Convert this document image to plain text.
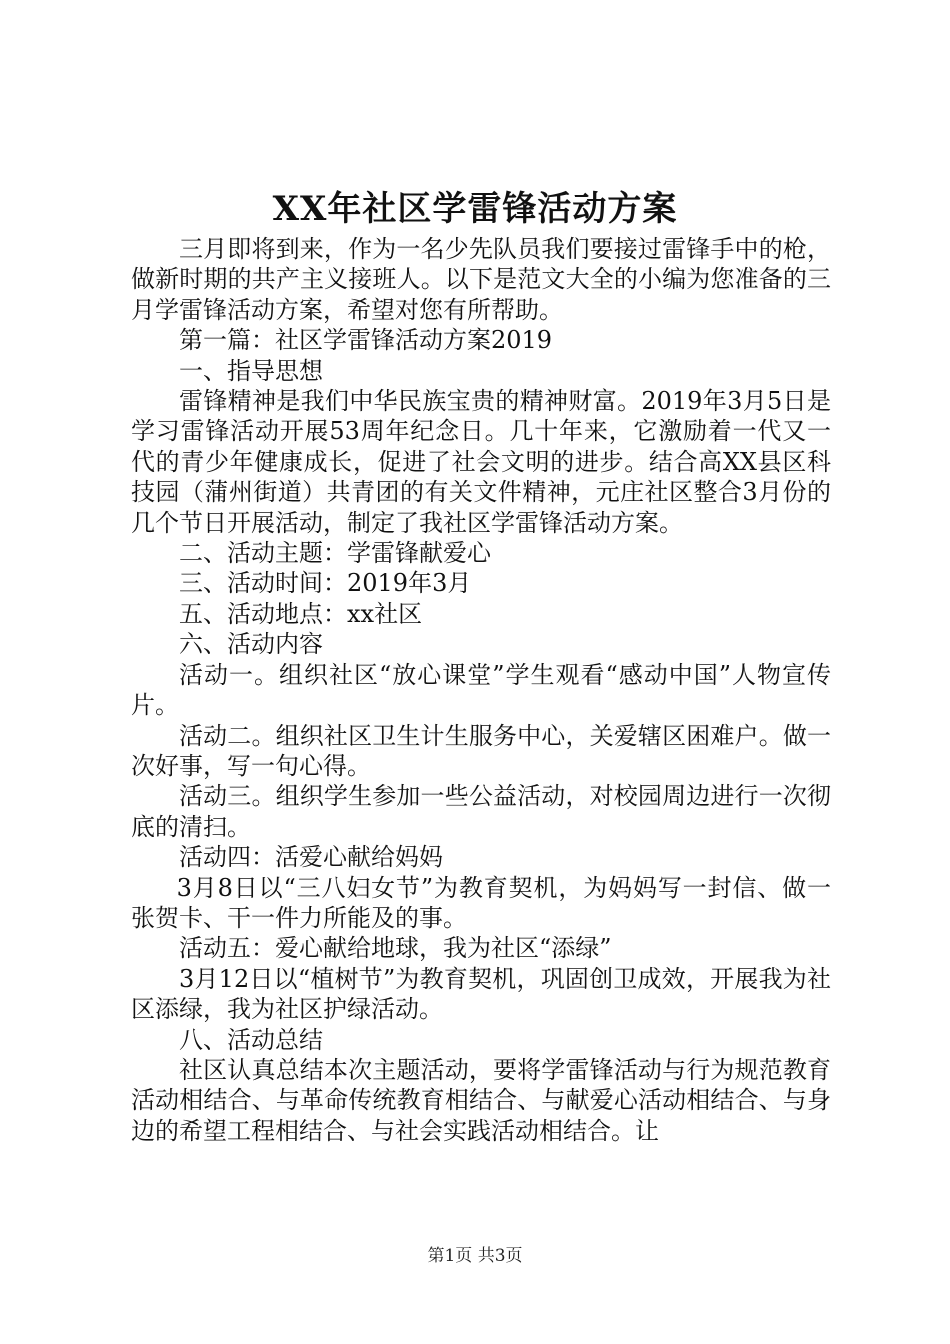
XX年社区学雷锋活动方案

三月即将到来，作为一名少先队员我们要接过雷锋手中的枪，做新时期的共产主义接班人。以下是范文大全的小编为您准备的三月学雷锋活动方案，希望对您有所帮助。

第一篇：社区学雷锋活动方案2019

一、指导思想

雷锋精神是我们中华民族宝贵的精神财富。2019年3月5日是学习雷锋活动开展53周年纪念日。几十年来，它激励着一代又一代的青少年健康成长，促进了社会文明的进步。结合高XX县区科技园（蒲州街道）共青团的有关文件精神，元庄社区整合3月份的几个节日开展活动，制定了我社区学雷锋活动方案。

二、活动主题：学雷锋献爱心

三、活动时间：2019年3月

五、活动地点：xx社区

六、活动内容

活动一。组织社区“放心课堂”学生观看“感动中国”人物宣传片。

活动二。组织社区卫生计生服务中心，关爱辖区困难户。做一次好事，写一句心得。

活动三。组织学生参加一些公益活动，对校园周边进行一次彻底的清扫。

活动四：活爱心献给妈妈

3月8日以“三八妇女节”为教育契机，为妈妈写一封信、做一张贺卡、干一件力所能及的事。

活动五：爱心献给地球，我为社区“添绿”

3月12日以“植树节”为教育契机，巩固创卫成效，开展我为社区添绿，我为社区护绿活动。

八、活动总结

社区认真总结本次主题活动，要将学雷锋活动与行为规范教育活动相结合、与革命传统教育相结合、与献爱心活动相结合、与身边的希望工程相结合、与社会实践活动相结合。让

第1页 共3页
